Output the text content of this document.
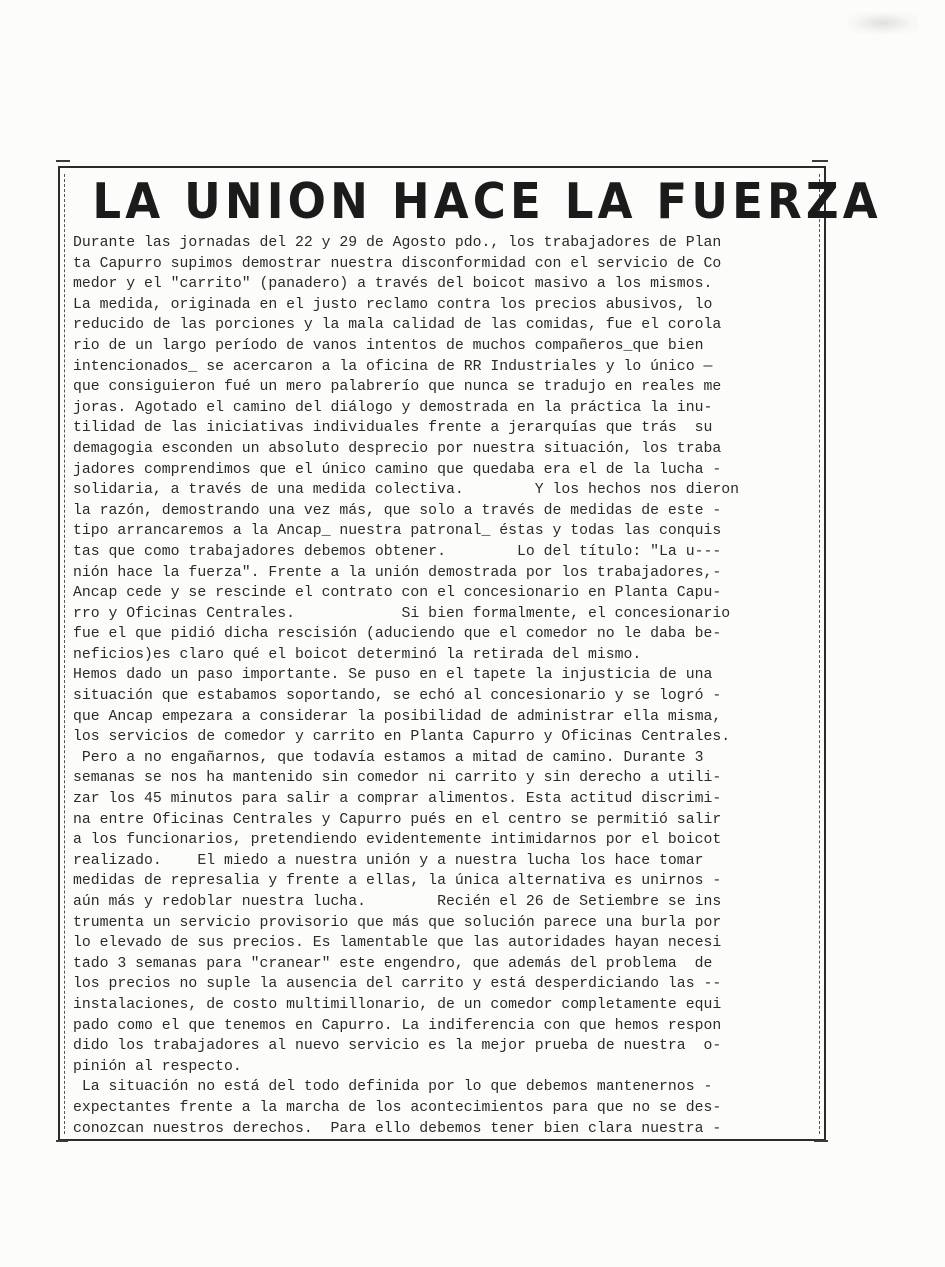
LA UNION HACE LA FUERZA
Durante las jornadas del 22 y 29 de Agosto pdo., los trabajadores de Plan
ta Capurro supimos demostrar nuestra disconformidad con el servicio de Co
medor y el "carrito" (panadero) a través del boicot masivo a los mismos.
La medida, originada en el justo reclamo contra los precios abusivos, lo
reducido de las porciones y la mala calidad de las comidas, fue el corola
rio de un largo período de vanos intentos de muchos compañeros_que bien
intencionados_ se acercaron a la oficina de RR Industriales y lo único —
que consiguieron fué un mero palabrerío que nunca se tradujo en reales me
joras. Agotado el camino del diálogo y demostrada en la práctica la inu-
tilidad de las iniciativas individuales frente a jerarquías que trás  su
demagogia esconden un absoluto desprecio por nuestra situación, los traba
jadores comprendimos que el único camino que quedaba era el de la lucha -
solidaria, a través de una medida colectiva.        Y los hechos nos dieron
la razón, demostrando una vez más, que solo a través de medidas de este -
tipo arrancaremos a la Ancap_ nuestra patronal_ éstas y todas las conquis
tas que como trabajadores debemos obtener.        Lo del título: "La u---
nión hace la fuerza". Frente a la unión demostrada por los trabajadores,-
Ancap cede y se rescinde el contrato con el concesionario en Planta Capu-
rro y Oficinas Centrales.            Si bien formalmente, el concesionario
fue el que pidió dicha rescisión (aduciendo que el comedor no le daba be-
neficios)es claro qué el boicot determinó la retirada del mismo.
Hemos dado un paso importante. Se puso en el tapete la injusticia de una
situación que estabamos soportando, se echó al concesionario y se logró -
que Ancap empezara a considerar la posibilidad de administrar ella misma,
los servicios de comedor y carrito en Planta Capurro y Oficinas Centrales.
Pero a no engañarnos, que todavía estamos a mitad de camino. Durante 3
semanas se nos ha mantenido sin comedor ni carrito y sin derecho a utili-
zar los 45 minutos para salir a comprar alimentos. Esta actitud discrimi-
na entre Oficinas Centrales y Capurro pués en el centro se permitió salir
a los funcionarios, pretendiendo evidentemente intimidarnos por el boicot
realizado.    El miedo a nuestra unión y a nuestra lucha los hace tomar
medidas de represalia y frente a ellas, la única alternativa es unirnos -
aún más y redoblar nuestra lucha.        Recién el 26 de Setiembre se ins
trumenta un servicio provisorio que más que solución parece una burla por
lo elevado de sus precios. Es lamentable que las autoridades hayan necesi
tado 3 semanas para "cranear" este engendro, que además del problema  de
los precios no suple la ausencia del carrito y está desperdiciando las --
instalaciones, de costo multimillonario, de un comedor completamente equi
pado como el que tenemos en Capurro. La indiferencia con que hemos respon
dido los trabajadores al nuevo servicio es la mejor prueba de nuestra  o-
pinión al respecto.
La situación no está del todo definida por lo que debemos mantenernos -
expectantes frente a la marcha de los acontecimientos para que no se des-
conozcan nuestros derechos.  Para ello debemos tener bien clara nuestra -
